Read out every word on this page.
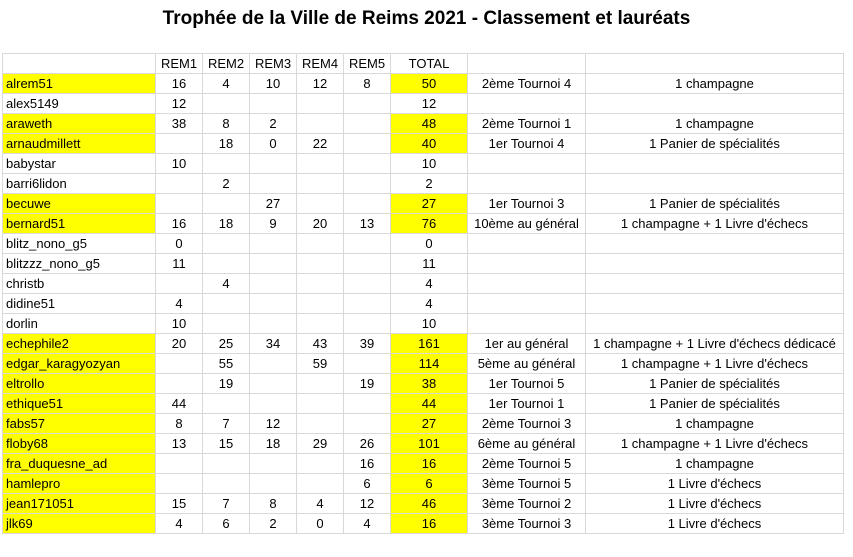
Trophée de la Ville de Reims 2021 - Classement et lauréats

	REM1	REM2	REM3	REM4	REM5	TOTAL		
alrem51	16	4	10	12	8	50	2ème Tournoi 4	1 champagne
alex5149	12					12		
araweth	38	8	2			48	2ème Tournoi 1	1 champagne
arnaudmillett		18	0	22		40	1er Tournoi 4	1 Panier de spécialités
babystar	10					10		
barri6lidon		2				2		
becuwe			27			27	1er Tournoi 3	1 Panier de spécialités
bernard51	16	18	9	20	13	76	10ème au général	1 champagne + 1 Livre d'échecs
blitz_nono_g5	0					0		
blitzzz_nono_g5	11					11		
christb		4				4		
didine51	4					4		
dorlin	10					10		
echephile2	20	25	34	43	39	161	1er au général	1 champagne + 1 Livre d'échecs dédicacé
edgar_karagyozyan		55		59		114	5ème au général	1 champagne + 1 Livre d'échecs
eltrollo		19			19	38	1er Tournoi 5	1 Panier de spécialités
ethique51	44					44	1er Tournoi 1	1 Panier de spécialités
fabs57	8	7	12			27	2ème Tournoi 3	1 champagne
floby68	13	15	18	29	26	101	6ème au général	1 champagne + 1 Livre d'échecs
fra_duquesne_ad					16	16	2ème Tournoi 5	1 champagne
hamlepro					6	6	3ème Tournoi 5	1 Livre d'échecs
jean171051	15	7	8	4	12	46	3ème Tournoi 2	1 Livre d'échecs
jlk69	4	6	2	0	4	16	3ème Tournoi 3	1 Livre d'échecs
